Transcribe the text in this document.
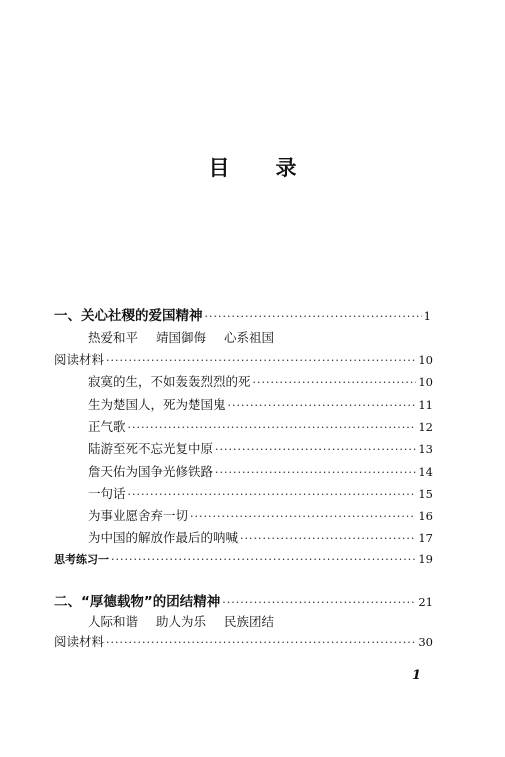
目 录
一、关心社稷的爱国精神 ·····	1
热爱和平 靖国御侮 心系祖国
阅读材料 ·····	10
寂寞的生，不如轰轰烈烈的死 ·····	10
生为楚国人，死为楚国鬼 ·····	11
正气歌 ·····	12
陆游至死不忘光复中原 ·····	13
詹天佑为国争光修铁路 ·····	14
一句话 ·····	15
为事业愿舍弃一切 ·····	16
为中国的解放作最后的呐喊 ·····	17
思考练习一 ·····	19
二、“厚德载物”的团结精神 ·····	21
人际和谐 助人为乐 民族团结
阅读材料 ·····	30
1
